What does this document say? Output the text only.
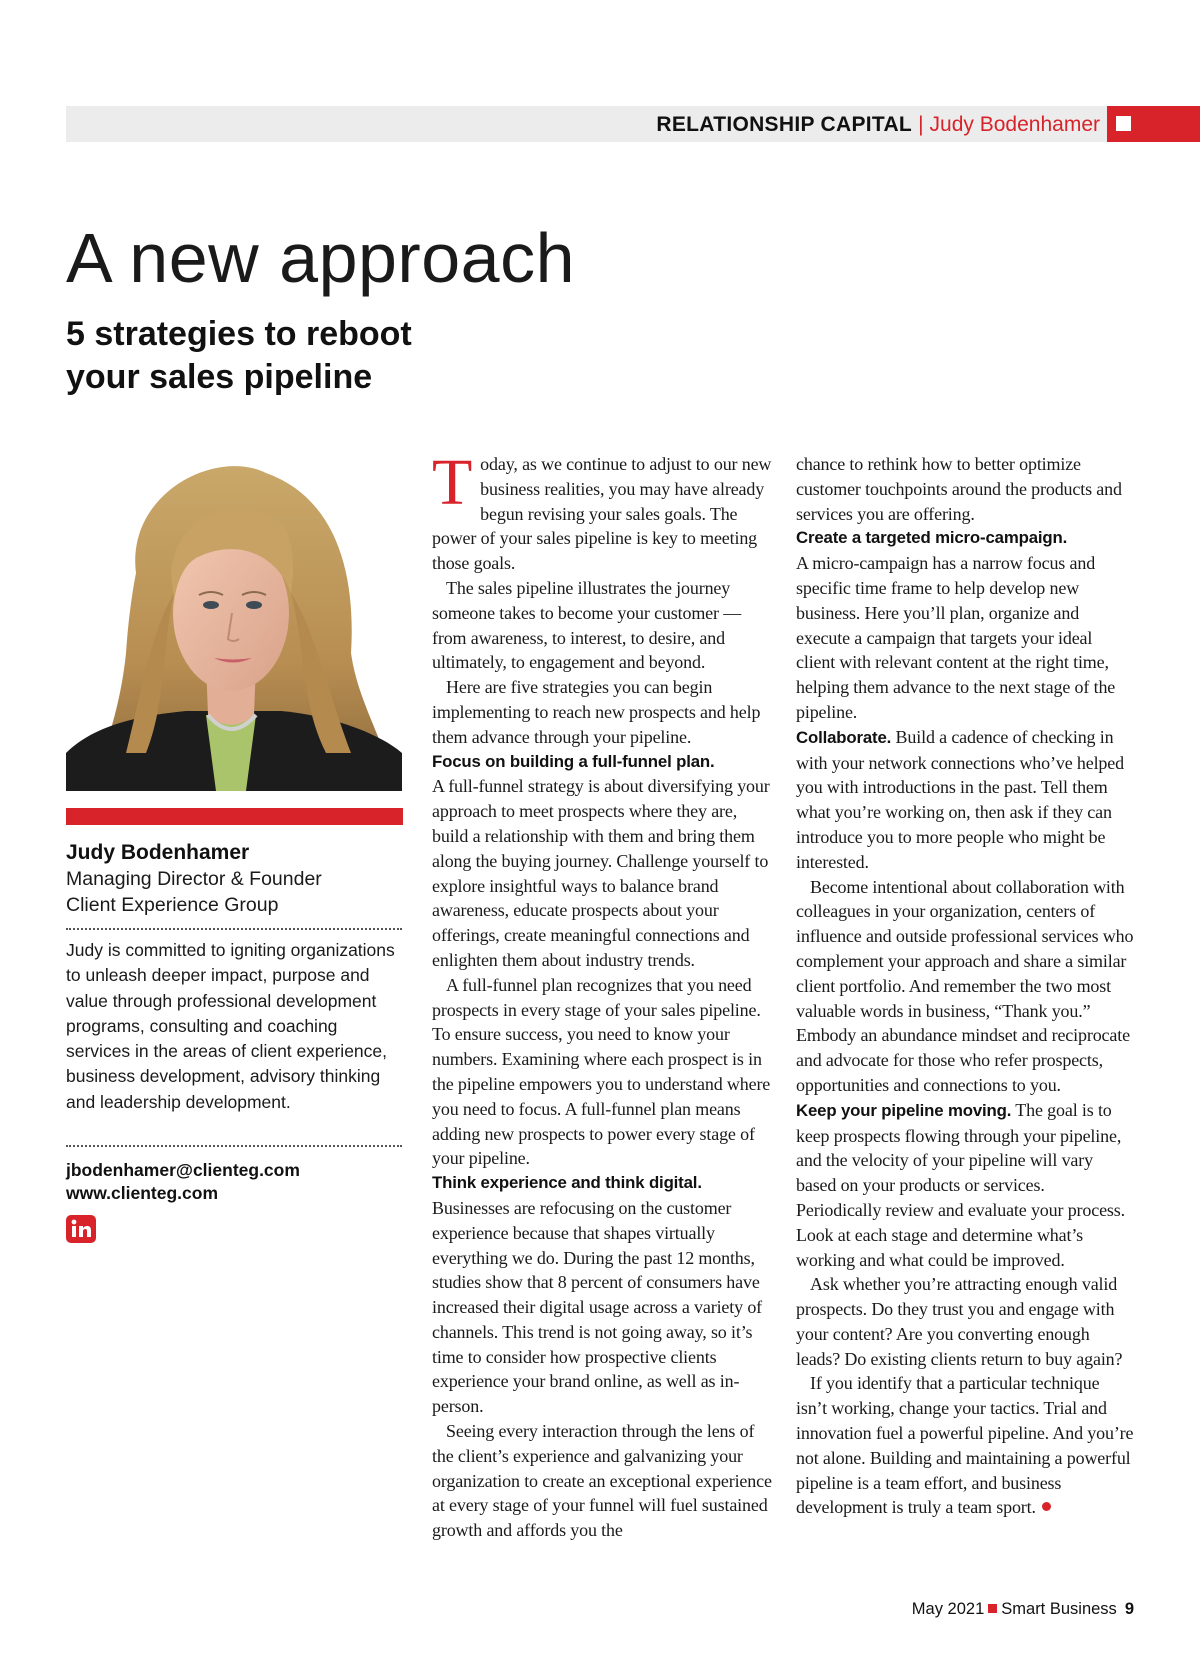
RELATIONSHIP CAPITAL | Judy Bodenhamer
A new approach
5 strategies to reboot your sales pipeline
Judy Bodenhamer
Managing Director & Founder
Client Experience Group
Judy is committed to igniting organizations to unleash deeper impact, purpose and value through professional development programs, consulting and coaching services in the areas of client experience, business development, advisory thinking and leadership development.
jbodenhamer@clienteg.com
www.clienteg.com

Today, as we continue to adjust to our new business realities, you may have already begun revising your sales goals. The power of your sales pipeline is key to meeting those goals.

The sales pipeline illustrates the journey someone takes to become your customer — from awareness, to interest, to desire, and ultimately, to engagement and beyond.

Here are five strategies you can begin implementing to reach new prospects and help them advance through your pipeline.

Focus on building a full-funnel plan.

A full-funnel strategy is about diversifying your approach to meet prospects where they are, build a relationship with them and bring them along the buying journey. Challenge yourself to explore insightful ways to balance brand awareness, educate prospects about your offerings, create meaningful connections and enlighten them about industry trends.

A full-funnel plan recognizes that you need prospects in every stage of your sales pipeline. To ensure success, you need to know your numbers. Examining where each prospect is in the pipeline empowers you to understand where you need to focus. A full-funnel plan means adding new prospects to power every stage of your pipeline.

Think experience and think digital.

Businesses are refocusing on the customer experience because that shapes virtually everything we do. During the past 12 months, studies show that 8 percent of consumers have increased their digital usage across a variety of channels. This trend is not going away, so it’s time to consider how prospective clients experience your brand online, as well as in-person.

Seeing every interaction through the lens of the client’s experience and galvanizing your organization to create an exceptional experience at every stage of your funnel will fuel sustained growth and affords you the

chance to rethink how to better optimize customer touchpoints around the products and services you are offering.

Create a targeted micro-campaign.

A micro-campaign has a narrow focus and specific time frame to help develop new business. Here you’ll plan, organize and execute a campaign that targets your ideal client with relevant content at the right time, helping them advance to the next stage of the pipeline.

Collaborate. Build a cadence of checking in with your network connections who’ve helped you with introductions in the past. Tell them what you’re working on, then ask if they can introduce you to more people who might be interested.

Become intentional about collaboration with colleagues in your organization, centers of influence and outside professional services who complement your approach and share a similar client portfolio. And remember the two most valuable words in business, “Thank you.” Embody an abundance mindset and reciprocate and advocate for those who refer prospects, opportunities and connections to you.

Keep your pipeline moving. The goal is to keep prospects flowing through your pipeline, and the velocity of your pipeline will vary based on your products or services. Periodically review and evaluate your process. Look at each stage and determine what’s working and what could be improved.

Ask whether you’re attracting enough valid prospects. Do they trust you and engage with your content? Are you converting enough leads? Do existing clients return to buy again?

If you identify that a particular technique isn’t working, change your tactics. Trial and innovation fuel a powerful pipeline. And you’re not alone. Building and maintaining a powerful pipeline is a team effort, and business development is truly a team sport.

May 2021 Smart Business 9
